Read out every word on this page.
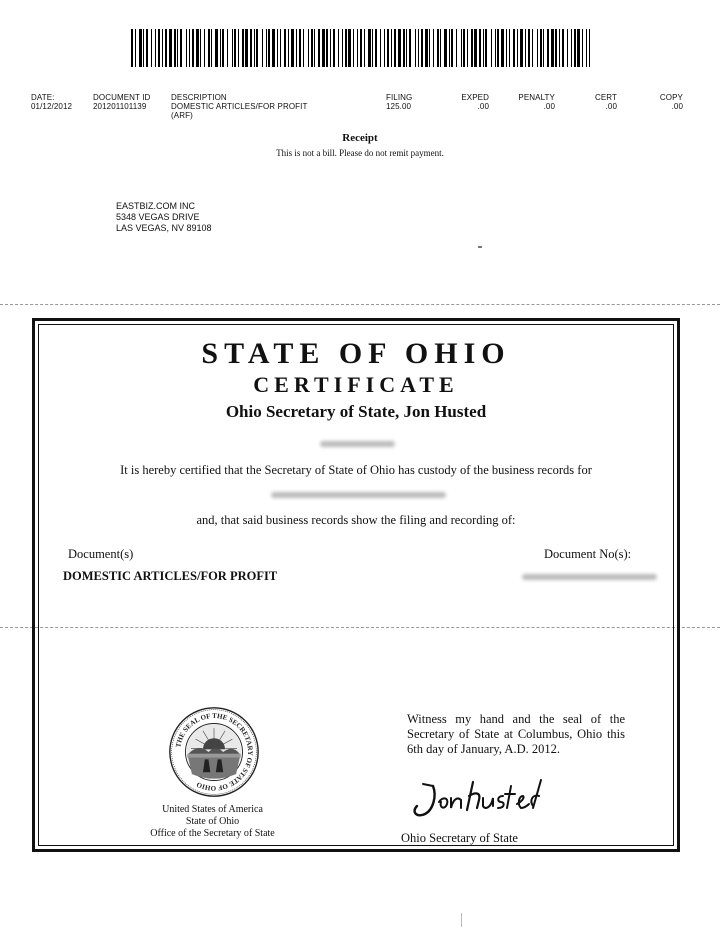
DATE:
01/12/2012
DOCUMENT ID
201201101139
DESCRIPTION
DOMESTIC ARTICLES/FOR PROFIT
(ARF)
FILING
125.00
EXPED
.00
PENALTY
.00
CERT
.00
COPY
.00
Receipt
This is not a bill. Please do not remit payment.
EASTBIZ.COM INC
5348 VEGAS DRIVE
LAS VEGAS, NV 89108
STATE OF OHIO
CERTIFICATE
Ohio Secretary of State, Jon Husted
It is hereby certified that the Secretary of State of Ohio has custody of the business records for
and, that said business records show the filing and recording of:
Document(s)	Document No(s):
DOMESTIC ARTICLES/FOR PROFIT
THE SEAL OF THE SECRETARY OF STATE OF OHIO
United States of America
State of Ohio
Office of the Secretary of State
Witness my hand and the seal of the Secretary of State at Columbus, Ohio this 6th day of January, A.D. 2012.
Ohio Secretary of State
